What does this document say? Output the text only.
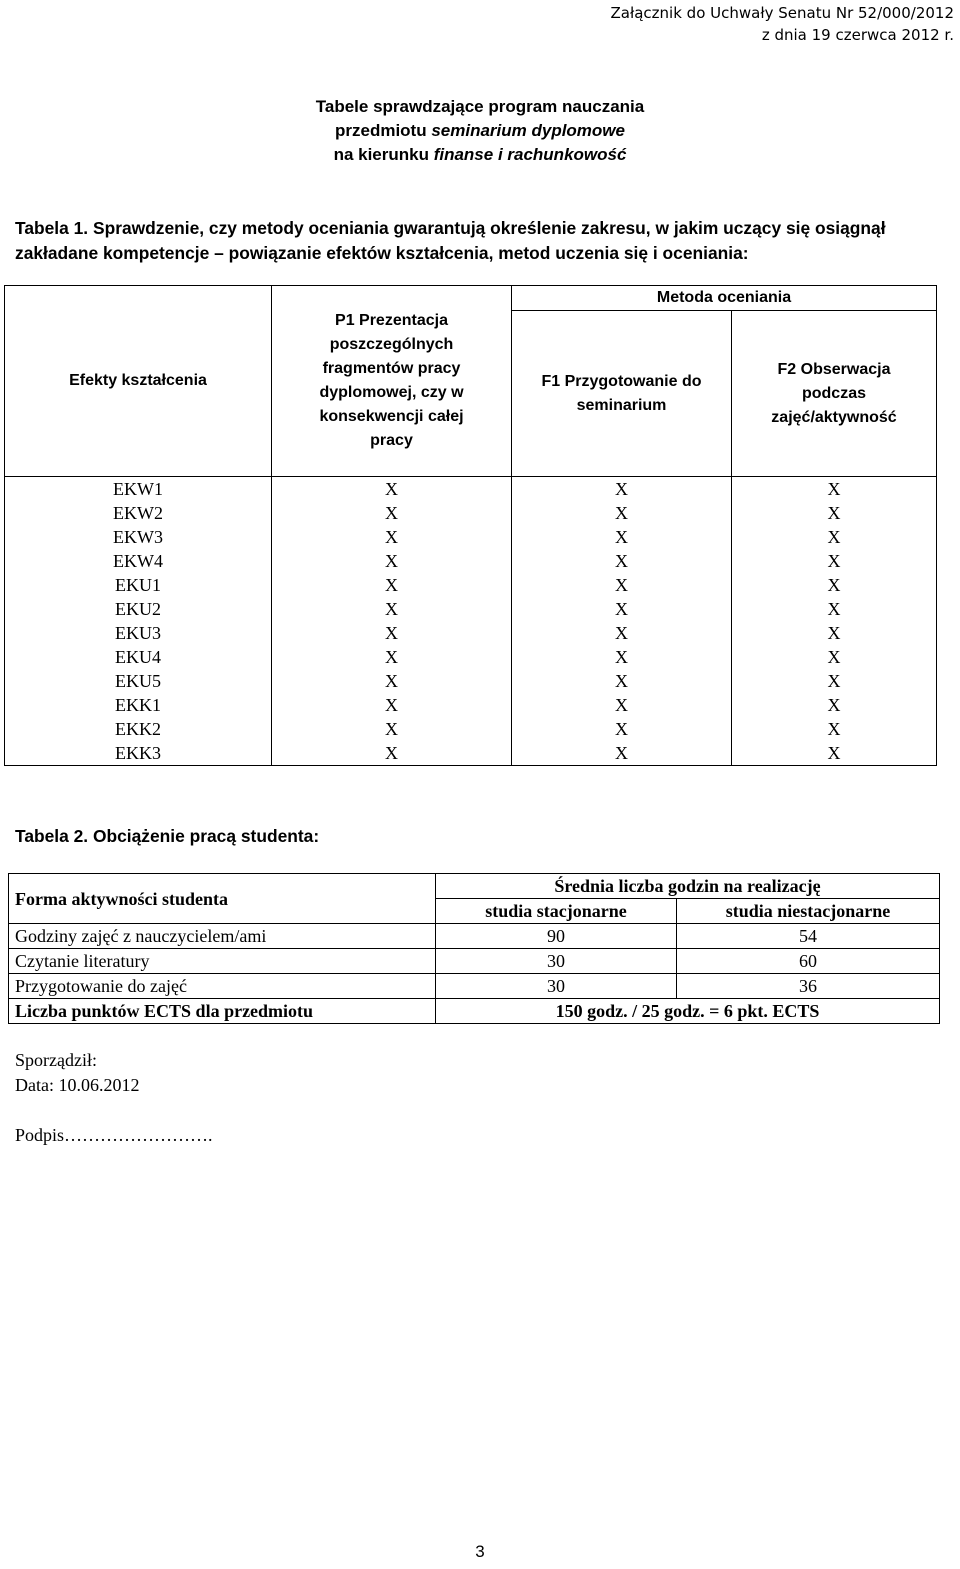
Załącznik do Uchwały Senatu Nr 52/000/2012
z dnia 19 czerwca 2012 r.
Tabele sprawdzające program nauczania
przedmiotu seminarium dyplomowe
na kierunku finanse i rachunkowość
Tabela 1. Sprawdzenie, czy metody oceniania gwarantują określenie zakresu, w jakim uczący się osiągnął
zakładane kompetencje – powiązanie efektów kształcenia, metod uczenia się i oceniania:
Efekty kształcenia	P1 Prezentacja poszczególnych fragmentów pracy dyplomowej, czy w konsekwencji całej pracy	Metoda oceniania	
		F1 Przygotowanie do seminarium	F2 Obserwacja podczas zajęć/aktywność
EKW1	X	X	X
EKW2	X	X	X
EKW3	X	X	X
EKW4	X	X	X
EKU1	X	X	X
EKU2	X	X	X
EKU3	X	X	X
EKU4	X	X	X
EKU5	X	X	X
EKK1	X	X	X
EKK2	X	X	X
EKK3	X	X	X
Tabela 2. Obciążenie pracą studenta:
Forma aktywności studenta	Średnia liczba godzin na realizację	
	studia stacjonarne	studia niestacjonarne
Godziny zajęć z nauczycielem/ami	90	54
Czytanie literatury	30	60
Przygotowanie do zajęć	30	36
Liczba punktów ECTS dla przedmiotu	150 godz. / 25 godz. = 6 pkt. ECTS	
Sporządził:
Data: 10.06.2012
Podpis…………………….
3
